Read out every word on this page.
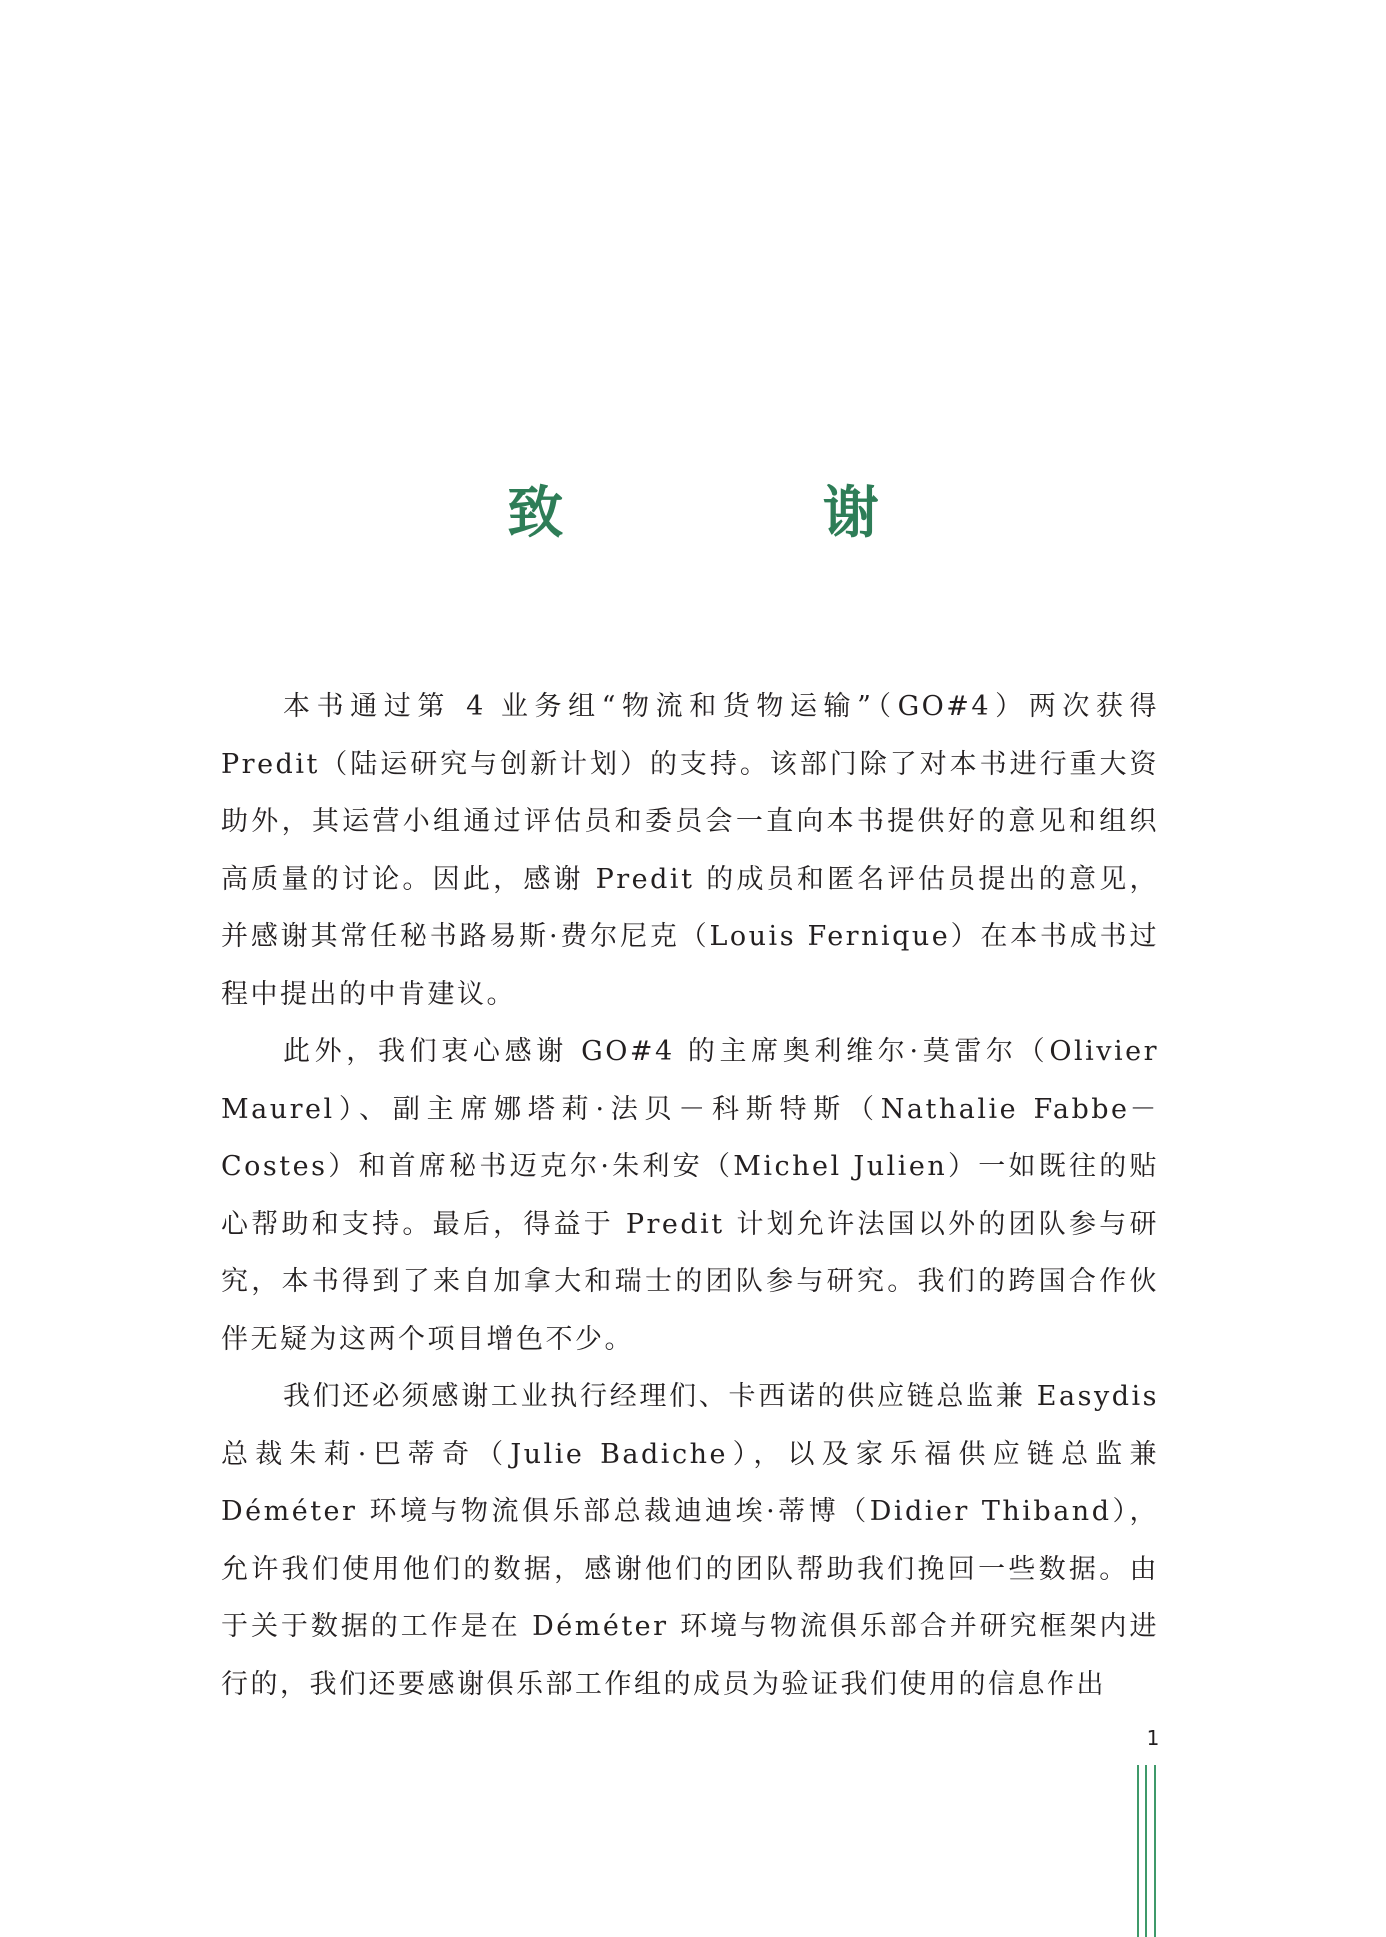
致 谢

本书通过第 4 业务组“物流和货物运输”（GO#4）两次获得 Predit（陆运研究与创新计划）的支持。该部门除了对本书进行重大资助外，其运营小组通过评估员和委员会一直向本书提供好的意见和组织高质量的讨论。因此，感谢 Predit 的成员和匿名评估员提出的意见，并感谢其常任秘书路易斯·费尔尼克（Louis Fernique）在本书成书过程中提出的中肯建议。

此外，我们衷心感谢 GO#4 的主席奥利维尔·莫雷尔（Olivier Maurel）、副主席娜塔莉·法贝－科斯特斯（Nathalie Fabbe－Costes）和首席秘书迈克尔·朱利安（Michel Julien）一如既往的贴心帮助和支持。最后，得益于 Predit 计划允许法国以外的团队参与研究，本书得到了来自加拿大和瑞士的团队参与研究。我们的跨国合作伙伴无疑为这两个项目增色不少。

我们还必须感谢工业执行经理们、卡西诺的供应链总监兼 Easydis 总裁朱莉·巴蒂奇（Julie Badiche），以及家乐福供应链总监兼 Déméter 环境与物流俱乐部总裁迪迪埃·蒂博（Didier Thiband），允许我们使用他们的数据，感谢他们的团队帮助我们挽回一些数据。由于关于数据的工作是在 Déméter 环境与物流俱乐部合并研究框架内进行的，我们还要感谢俱乐部工作组的成员为验证我们使用的信息作出

1
